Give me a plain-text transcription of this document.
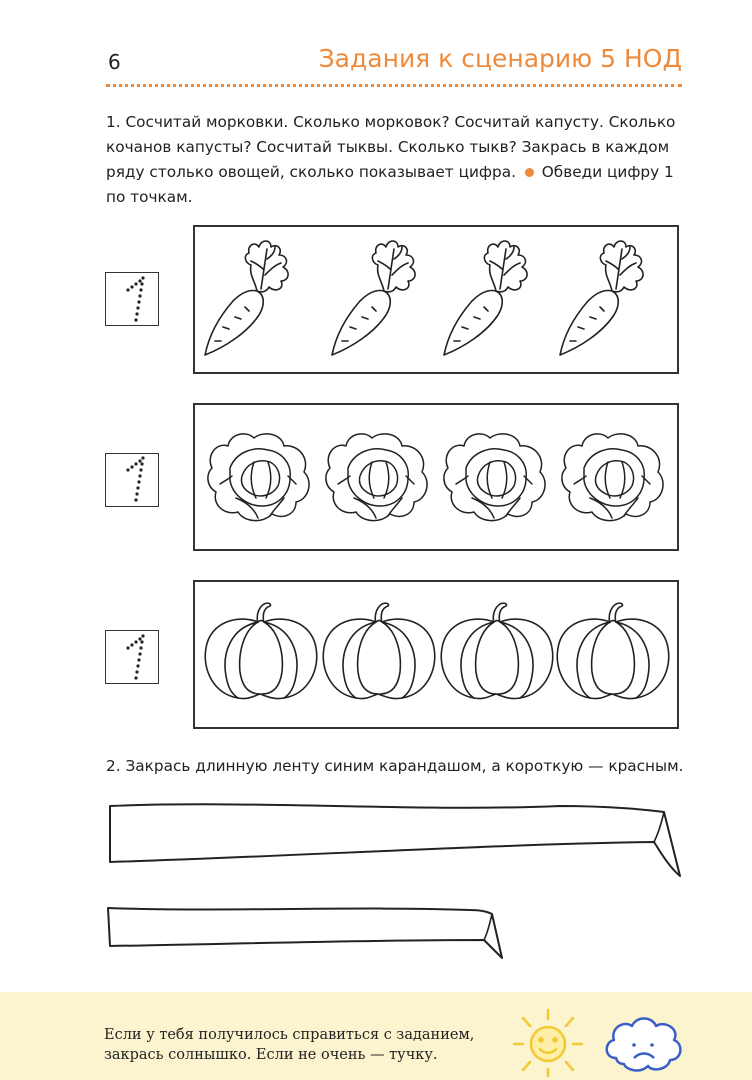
6	Задания к сценарию 5 НОД
1. Сосчитай морковки. Сколько морковок? Сосчитай капусту. Сколько кочанов капусты? Сосчитай тыквы. Сколько тыкв? Закрась в каждом ряду столько овощей, сколько показывает цифра. Обведи цифру 1 по точкам.
2. Закрась длинную ленту синим карандашом, а короткую — красным.
Если у тебя получилось справиться с заданием,
закрась солнышко. Если не очень — тучку.
